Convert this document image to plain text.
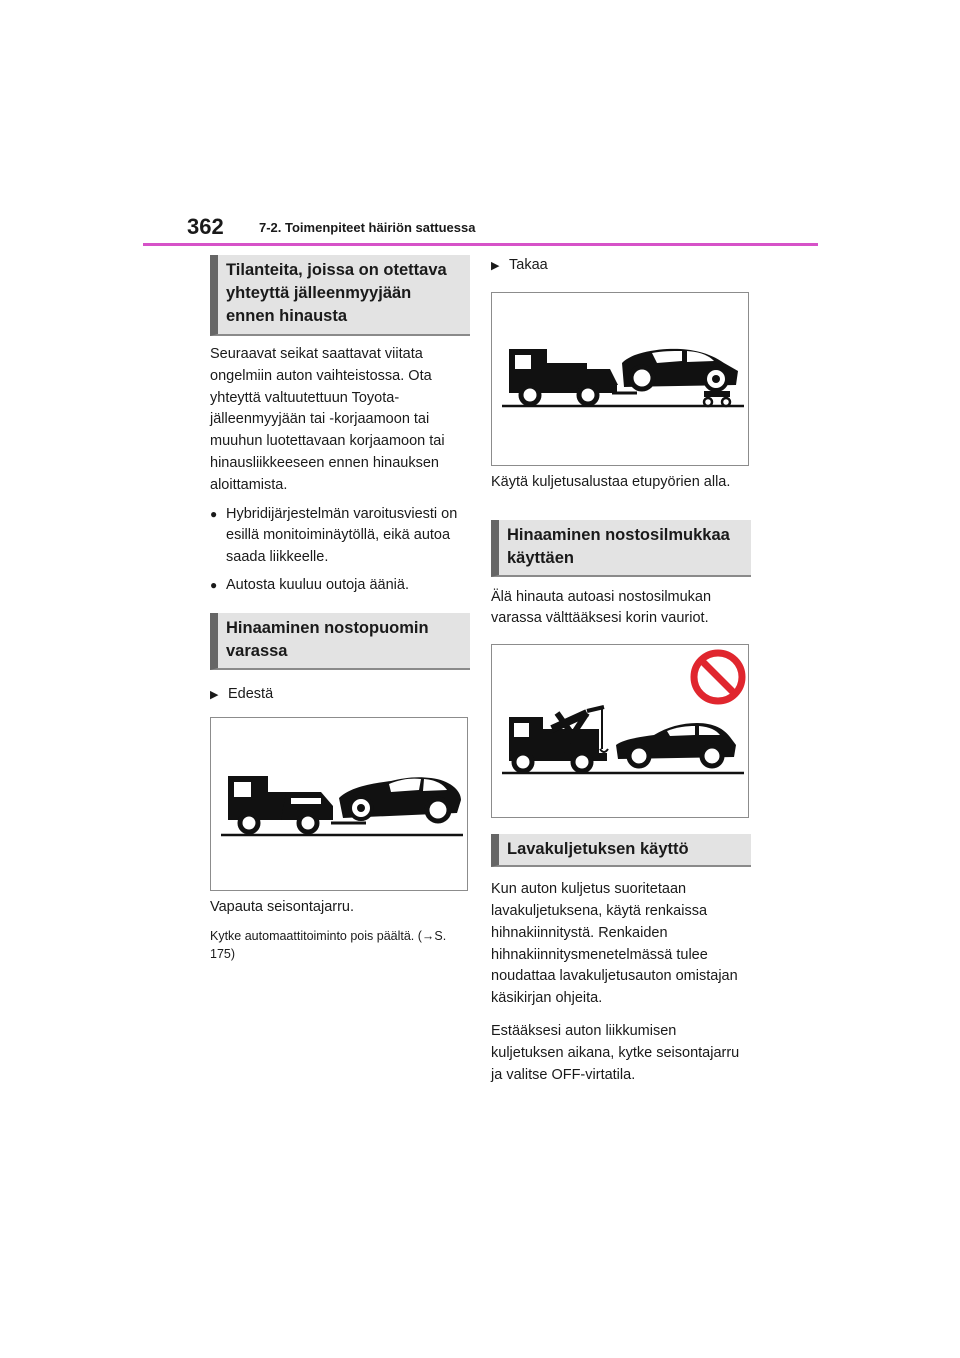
362	7-2. Toimenpiteet häiriön sattuessa
Tilanteita, joissa on otettava yhteyttä jälleenmyyjään ennen hinausta

Seuraavat seikat saattavat viitata ongelmiin auton vaihteistossa. Ota yhteyttä valtuutettuun Toyota-jälleenmyyjään tai -korjaamoon tai muuhun luotettavaan korjaamoon tai hinausliikkeeseen ennen hinauksen aloittamista.

● Hybridijärjestelmän varoitusviesti on esillä monitoiminäytöllä, eikä autoa saada liikkeelle.
● Autosta kuuluu outoja ääniä.
Hinaaminen nostopuomin varassa
▶ Edestä

Vapauta seisontajarru.

Kytke automaattitoiminto pois päältä. (→S. 175)

▶ Takaa

Käytä kuljetusalustaa etupyörien alla.

Hinaaminen nostosilmukkaa käyttäen

Älä hinauta autoasi nostosilmukan varassa välttääksesi korin vauriot.

Lavakuljetuksen käyttö

Kun auton kuljetus suoritetaan lavakuljetuksena, käytä renkaissa hihnakiinnitystä. Renkaiden hihnakiinnitysmenetelmässä tulee noudattaa lavakuljetusauton omistajan käsikirjan ohjeita.

Estääksesi auton liikkumisen kuljetuksen aikana, kytke seisontajarru ja valitse OFF-virtatila.
